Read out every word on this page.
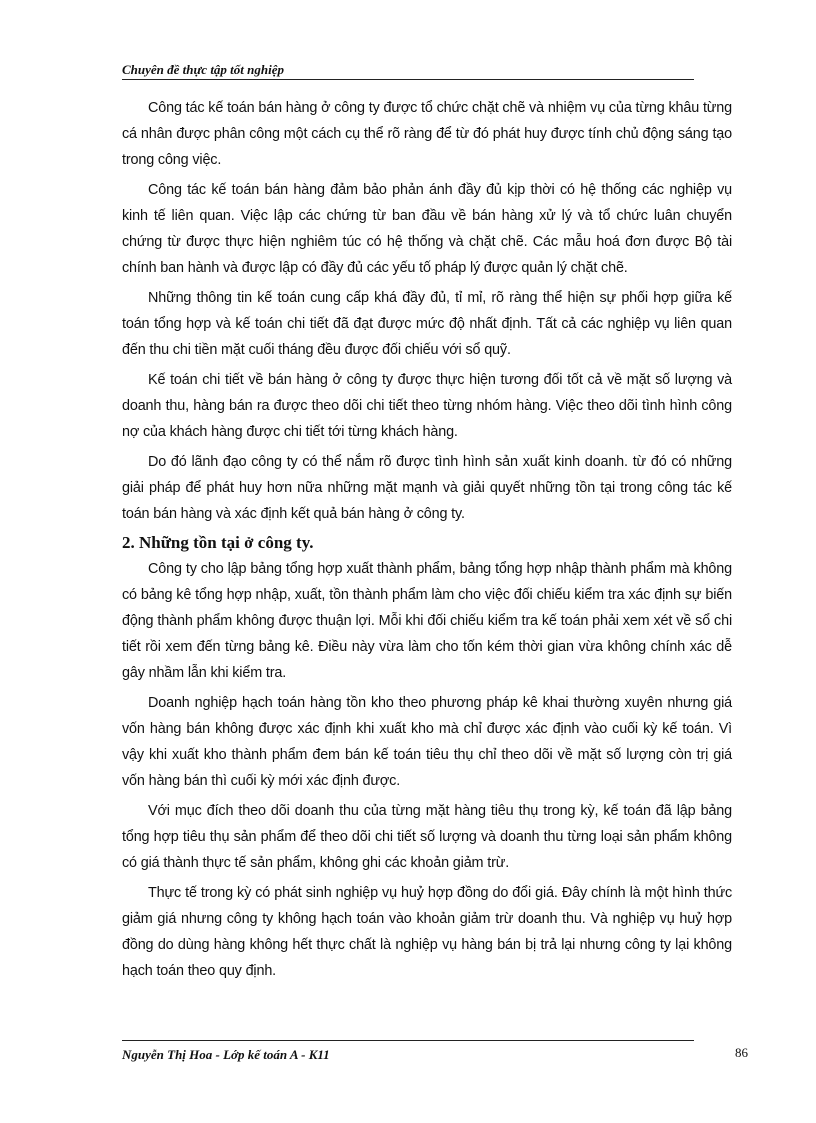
Chuyên đề thực tập tốt nghiệp

Công tác kế toán bán hàng ở công ty được tổ chức chặt chẽ và nhiệm vụ của từng khâu từng cá nhân được phân công một cách cụ thể rõ ràng để từ đó phát huy được tính chủ động sáng tạo trong công việc.

Công tác kế toán bán hàng đảm bảo phản ánh đầy đủ kịp thời có hệ thống các nghiệp vụ kinh tế liên quan. Việc lập các chứng từ ban đầu về bán hàng xử lý và tổ chức luân chuyển chứng từ được thực hiện nghiêm túc có hệ thống và chặt chẽ. Các mẫu hoá đơn được Bộ tài chính ban hành và được lập có đầy đủ các yếu tố pháp lý được quản lý chặt chẽ.

Những thông tin kế toán cung cấp khá đầy đủ, tỉ mỉ, rõ ràng thể hiện sự phối hợp giữa kế toán tổng hợp và kế toán chi tiết đã đạt được mức độ nhất định. Tất cả các nghiệp vụ liên quan đến thu chi tiền mặt cuối tháng đều được đối chiếu với sổ quỹ.

Kế toán chi tiết về bán hàng ở công ty được thực hiện tương đối tốt cả về mặt số lượng và doanh thu, hàng bán ra được theo dõi chi tiết theo từng nhóm hàng. Việc theo dõi tình hình công nợ của khách hàng được chi tiết tới từng khách hàng.

Do đó lãnh đạo công ty có thể nắm rõ được tình hình sản xuất kinh doanh. từ đó có những giải pháp để phát huy hơn nữa những mặt mạnh và giải quyết những tồn tại trong công tác kế toán bán hàng và xác định kết quả bán hàng ở công ty.

2. Những tồn tại ở công ty.

Công ty cho lập bảng tổng hợp xuất thành phẩm, bảng tổng hợp nhập thành phẩm mà không có bảng kê tổng hợp nhập, xuất, tồn thành phẩm làm cho việc đối chiếu kiểm tra xác định sự biến động thành phẩm không được thuận lợi. Mỗi khi đối chiếu kiểm tra kế toán phải xem xét về sổ chi tiết rồi xem đến từng bảng kê. Điều này vừa làm cho tốn kém thời gian vừa không chính xác dễ gây nhầm lẫn khi kiểm tra.

Doanh nghiệp hạch toán hàng tồn kho theo phương pháp kê khai thường xuyên nhưng giá vốn hàng bán không được xác định khi xuất kho mà chỉ được xác định vào cuối kỳ kế toán. Vì vậy khi xuất kho thành phẩm đem bán kế toán tiêu thụ chỉ theo dõi về mặt số lượng còn trị giá vốn hàng bán thì cuối kỳ mới xác định được.

Với mục đích theo dõi doanh thu của từng mặt hàng tiêu thụ trong kỳ, kế toán đã lập bảng tổng hợp tiêu thụ sản phẩm để theo dõi chi tiết số lượng và doanh thu từng loại sản phẩm không có giá thành thực tế sản phẩm, không ghi các khoản giảm trừ.

Thực tế trong kỳ có phát sinh nghiệp vụ huỷ hợp đồng do đổi giá. Đây chính là một hình thức giảm giá nhưng công ty không hạch toán vào khoản giảm trừ doanh thu. Và nghiệp vụ huỷ hợp đồng do dùng hàng không hết thực chất là nghiệp vụ hàng bán bị trả lại nhưng công ty lại không hạch toán theo quy định.

Nguyễn Thị Hoa - Lớp kế toán A - K11	86
